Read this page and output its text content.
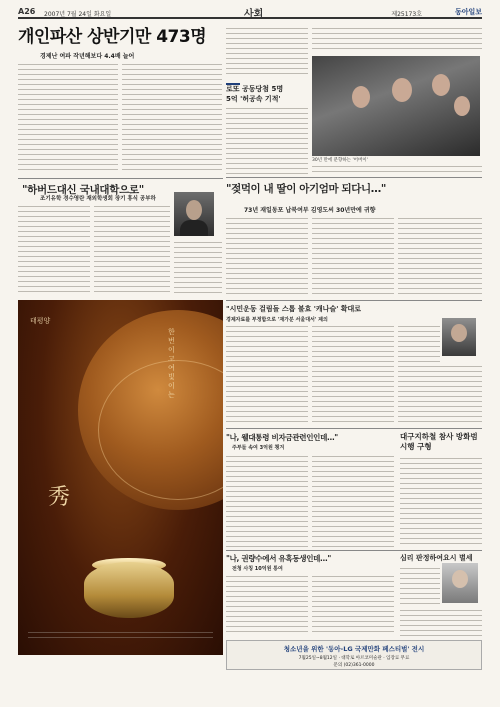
A26 2007년 7월 24일 화요일	사회	제25173호	동아일보
개인파산 상반기만 473명
경제난 여파 작년해보다 4.4배 늘어
로또 공동당첨 5명
5억 '허공속 기적'
30년 만에 분향하는 '어버이'
"젖먹이 내 딸이 아기엄마 되다니…"
73년 재일동포 납북여부 김영도씨 30년만에 귀향
"하버드대신 국내대학으로"
조기유학 경수영란 재외학생회 장기 휴식 공부하
태평양
한번이 고여 빛이는
秀
"시민운동 걸림돌 스톱 불효 '캐나슬' 확대로
경제자료를 부정합으로 '재가분 서울대서' 제의
"나, 웰대통령 비자금관련인인데…"
주부들 속여 3억원 챙겨
대구지하철 참사 방화범 시행 구형
"나, 권량수에서 유혹동생인데…"
전청 사칭 10억원 통여
심리 판정하여요시 별세
청소년을 위한 '동아-LG 국제만화 페스티벌' 전시
7월25일~8월12일 · 대학로 아르코미술관 · 입장료 무료
문의 (02)361-0000
